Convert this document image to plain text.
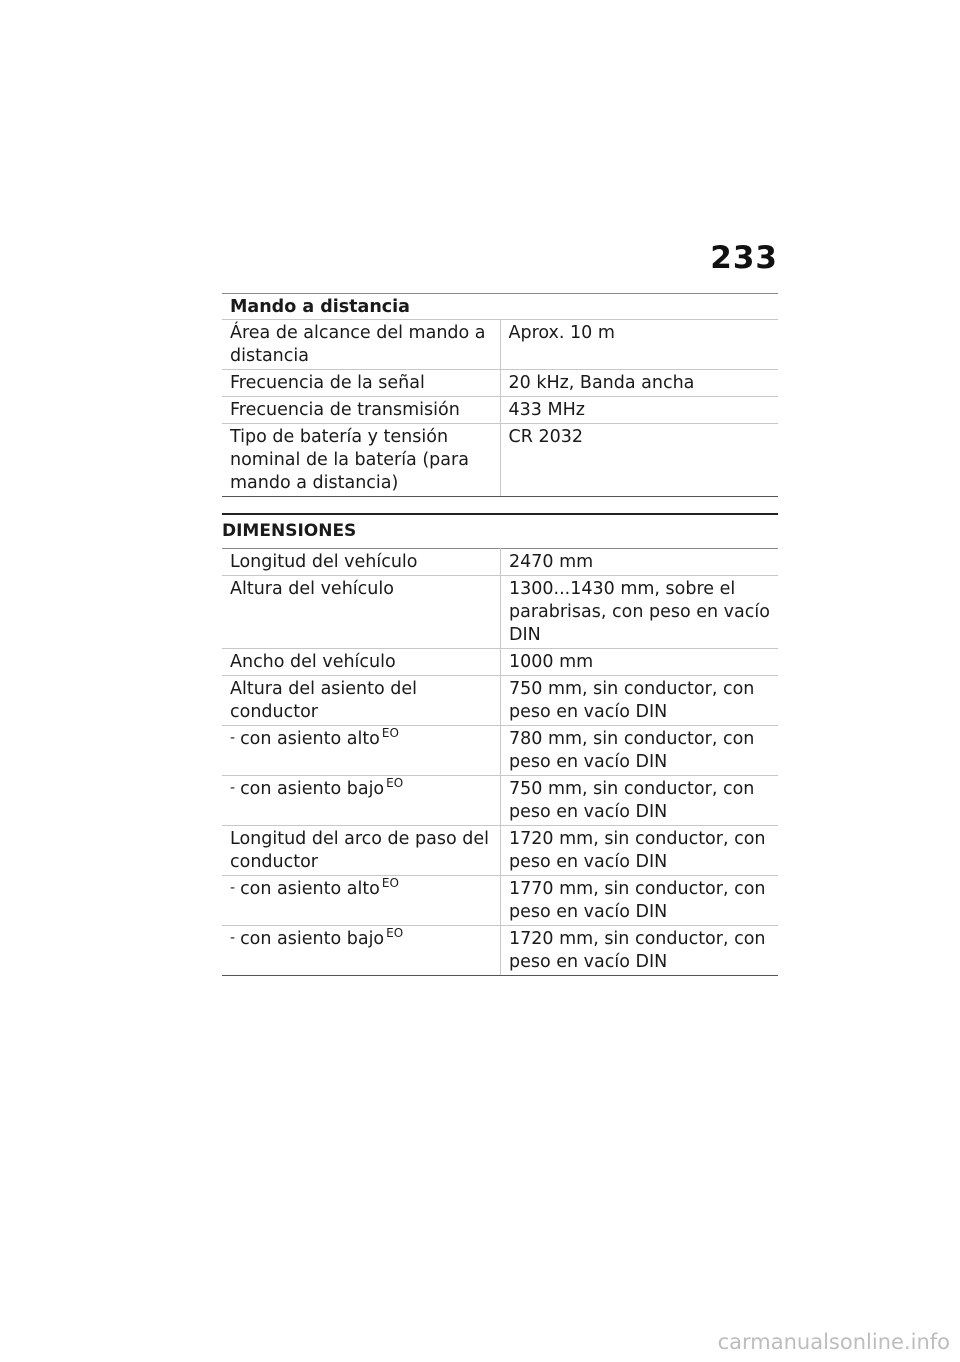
233
Mando a distancia	
Área de alcance del mando a distancia	Aprox. 10 m
Frecuencia de la señal	20 kHz, Banda ancha
Frecuencia de transmisión	433 MHz
Tipo de batería y tensión nominal de la batería (para mando a distancia)	CR 2032
DIMENSIONES
Longitud del vehículo	2470 mm
Altura del vehículo	1300...1430 mm, sobre el parabrisas, con peso en vacío DIN
Ancho del vehículo	1000 mm
Altura del asiento del conductor	750 mm, sin conductor, con peso en vacío DIN
- con asiento alto $^{EO}$	780 mm, sin conductor, con peso en vacío DIN
- con asiento bajo $^{EO}$	750 mm, sin conductor, con peso en vacío DIN
Longitud del arco de paso del conductor	1720 mm, sin conductor, con peso en vacío DIN
- con asiento alto $^{EO}$	1770 mm, sin conductor, con peso en vacío DIN
- con asiento bajo $^{EO}$	1720 mm, sin conductor, con peso en vacío DIN
carmanualsonline.info
